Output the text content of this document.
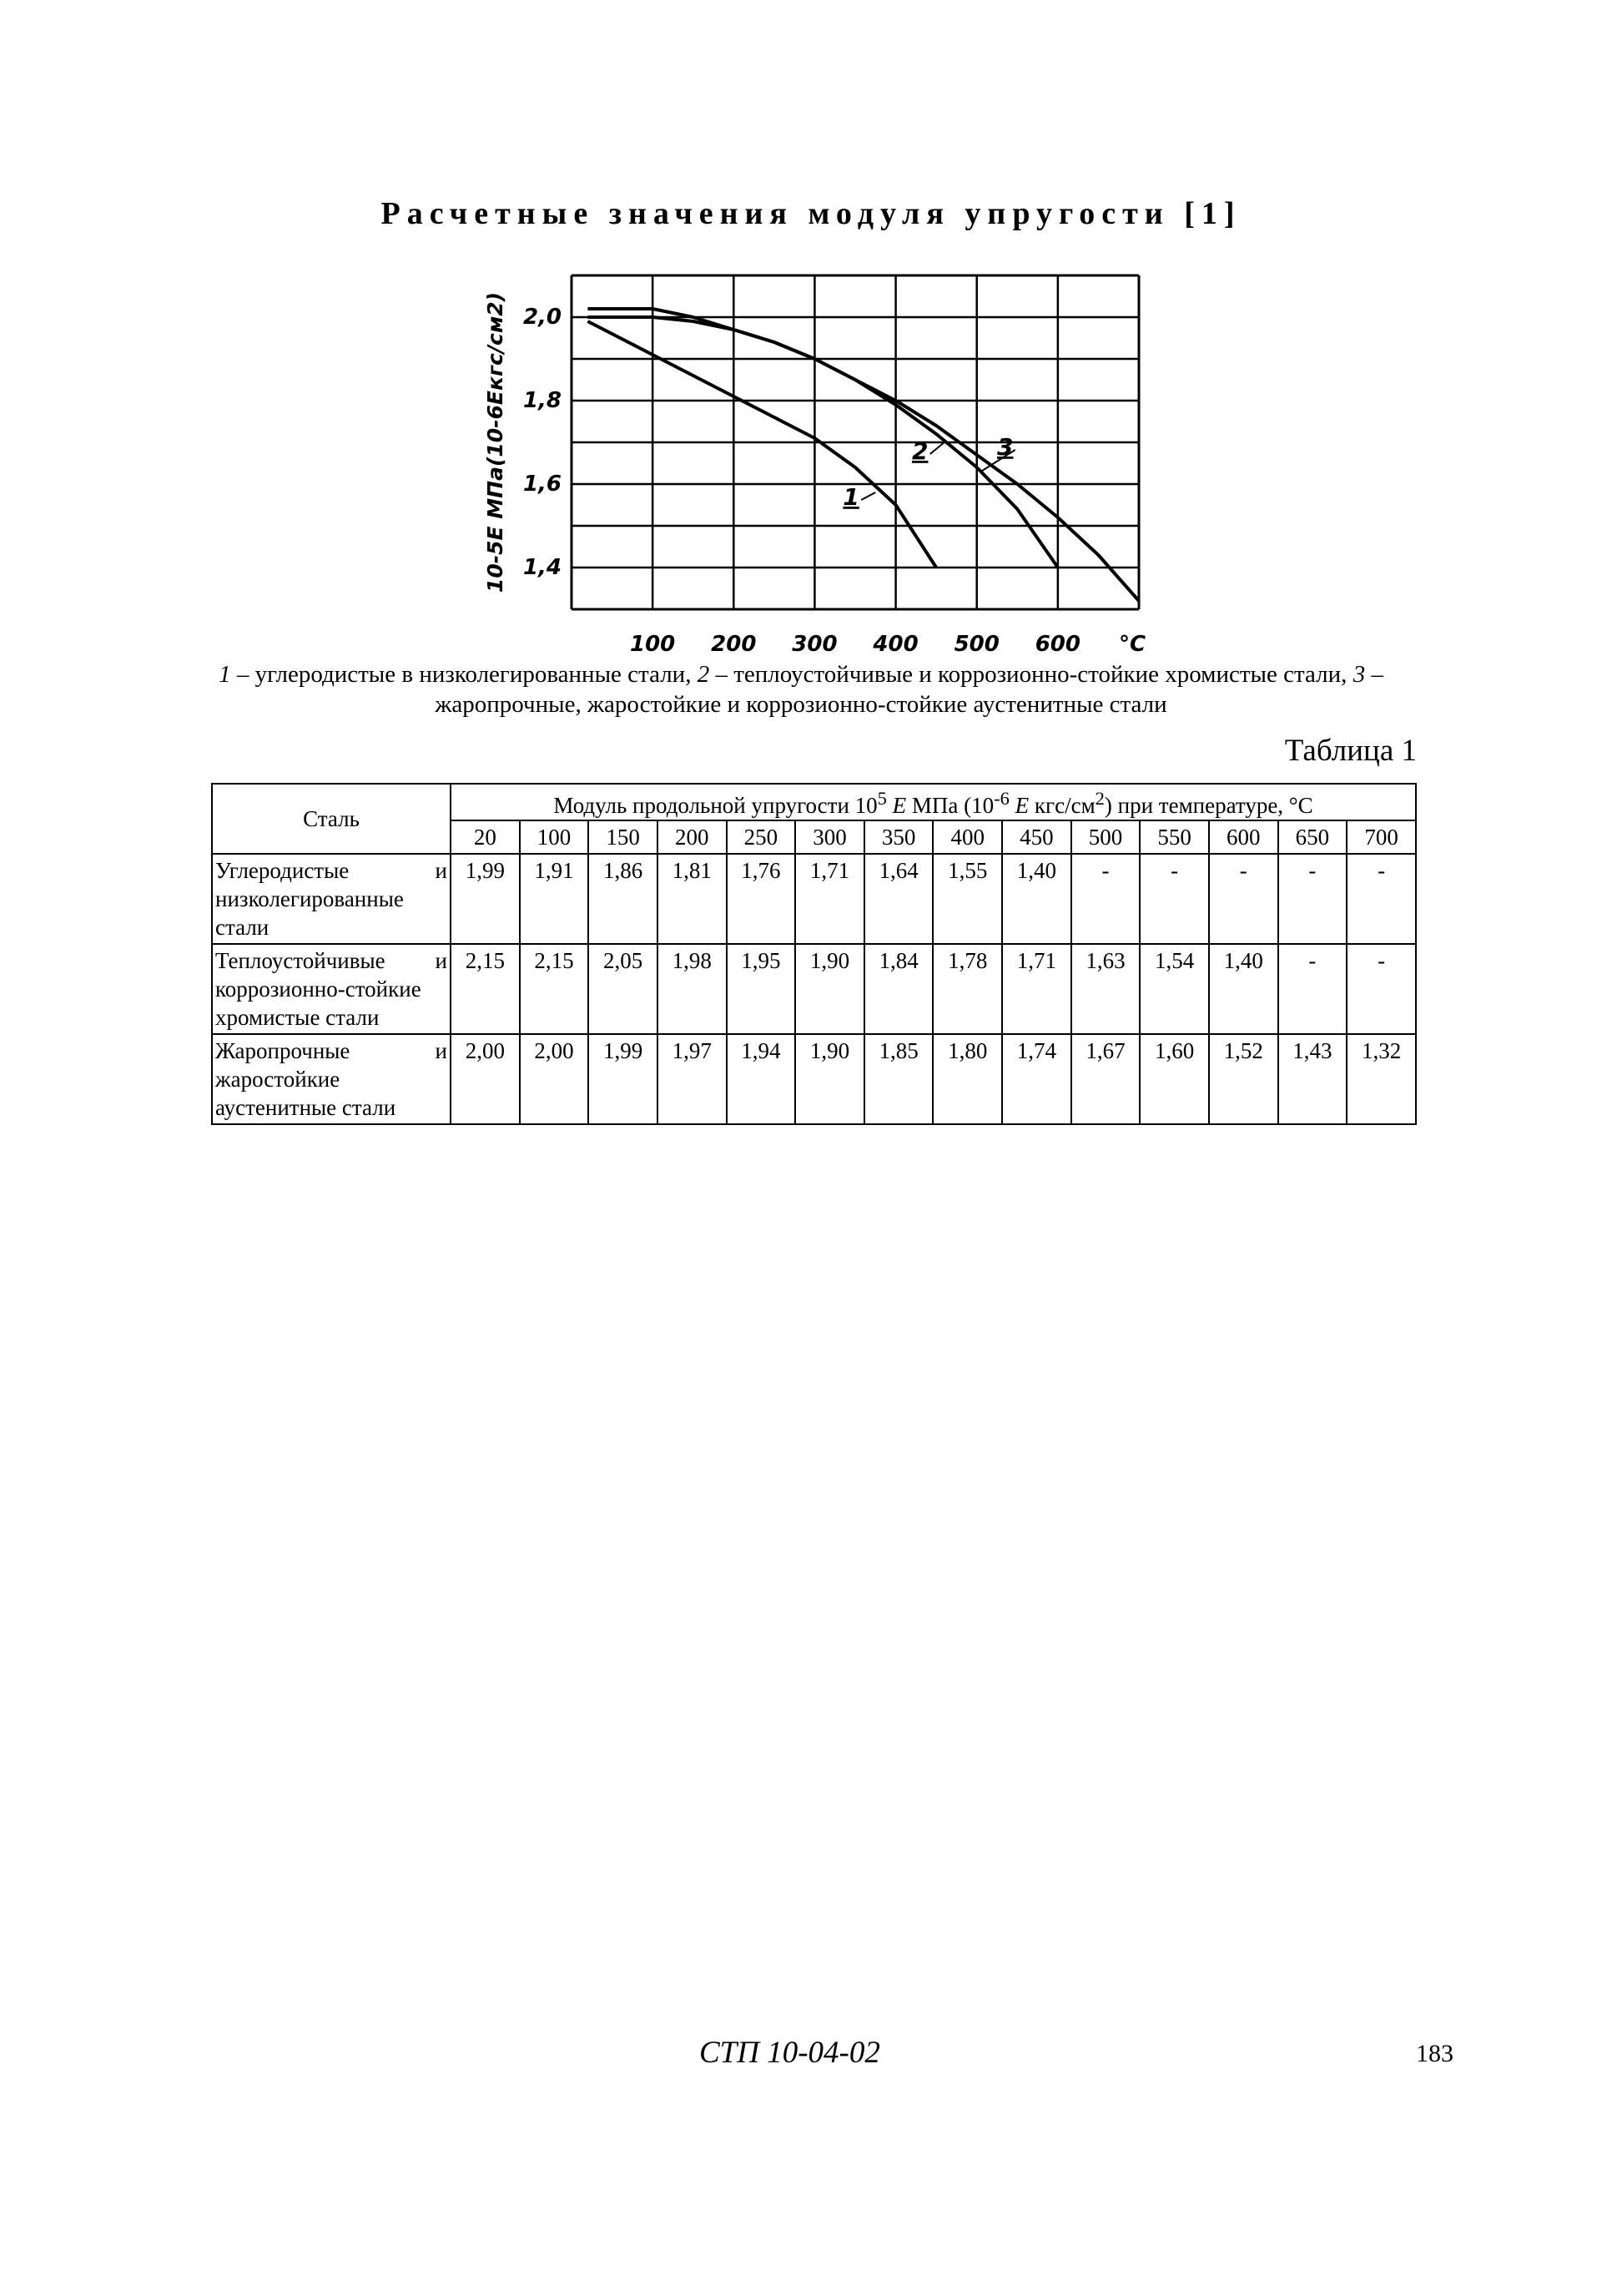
Расчетные значения модуля упругости [1]
2,0
1,8
1,6
1,4
100 200 300 400 500 600 °C
10-5E МПа(10-6Eкгс/см2)	1
2	3
1 – углеродистые в низколегированные стали, 2 – теплоустойчивые и коррозионно-стойкие хромистые стали, 3 – жаропрочные, жаростойкие и коррозионно-стойкие аустенитные стали
Таблица 1
Сталь	Модуль продольной упругости $10^5$ E МПа ($10^{-6}$ E кгс/$см^2$) при температуре, °С													
	20	100	150	200	250	300	350	400	450	500	550	600	650	700
Углеродистые и низколегированные стали	1,99	1,91	1,86	1,81	1,76	1,71	1,64	1,55	1,40	-	-	-	-	-
Теплоустойчивые и коррозионно-стойкие хромистые стали	2,15	2,15	2,05	1,98	1,95	1,90	1,84	1,78	1,71	1,63	1,54	1,40	-	-
Жаропрочные и жаростойкие аустенитные стали	2,00	2,00	1,99	1,97	1,94	1,90	1,85	1,80	1,74	1,67	1,60	1,52	1,43	1,32
СТП 10-04-02	183
